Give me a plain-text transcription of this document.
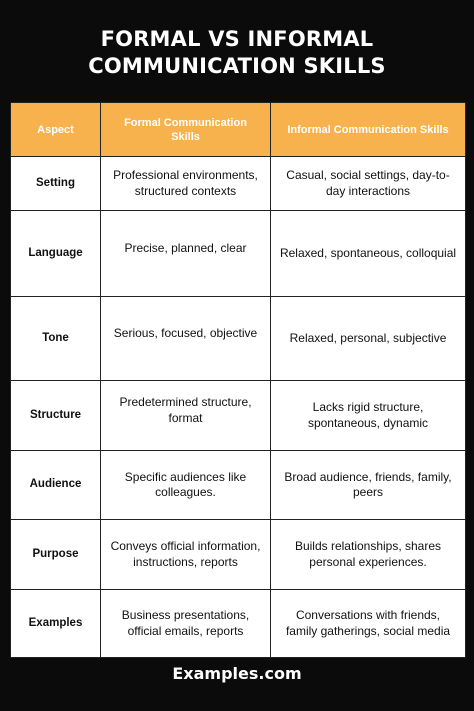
FORMAL VS INFORMAL
COMMUNICATION SKILLS
Aspect	Formal Communication Skills	Informal Communication Skills
Setting	Professional environments, structured contexts	Casual, social settings, day-to-day interactions
Language	Precise, planned, clear	Relaxed, spontaneous, colloquial
Tone	Serious, focused, objective	Relaxed, personal, subjective
Structure	Predetermined structure, format	Lacks rigid structure, spontaneous, dynamic
Audience	Specific audiences like colleagues.	Broad audience, friends, family, peers
Purpose	Conveys official information, instructions, reports	Builds relationships, shares personal experiences.
Examples	Business presentations, official emails, reports	Conversations with friends, family gatherings, social media
Examples.com
